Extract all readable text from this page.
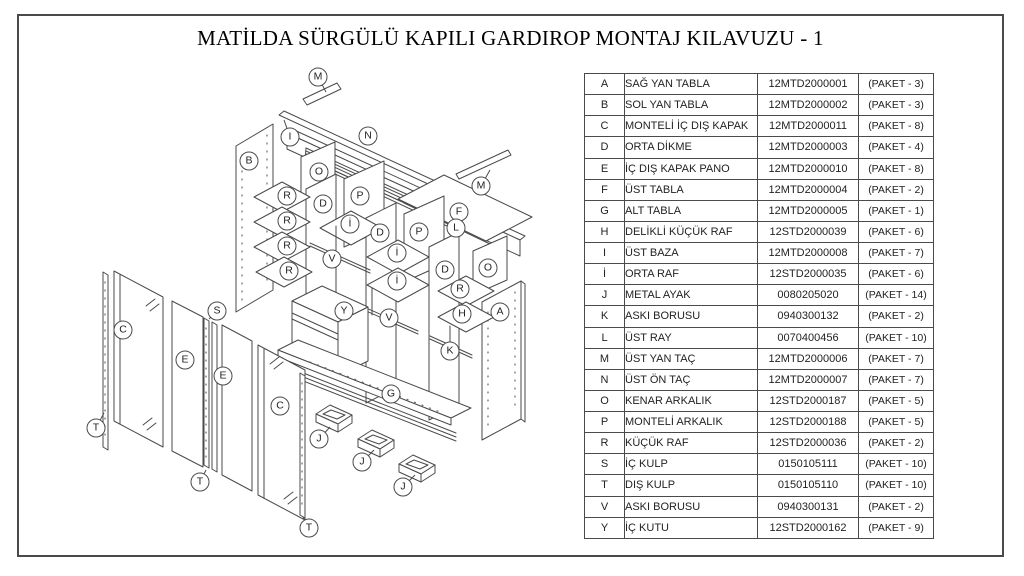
MATİLDA SÜRGÜLÜ KAPILI GARDIROP MONTAJ KILAVUZU - 1
M
I	N
B
O
M
R	P
D
F
R	İ	L
P
D
R
İ
V
O
D
R
İ
R
S	Y	H	A
V
C
K
E
E
G
C
T
J
J
T	J
T
A	SAĞ YAN TABLA	12MTD2000001	(PAKET - 3)
B	SOL YAN TABLA	12MTD2000002	(PAKET - 3)
C	MONTELİ İÇ DIŞ KAPAK	12MTD2000011	(PAKET - 8)
D	ORTA DİKME	12MTD2000003	(PAKET - 4)
E	İÇ DIŞ KAPAK PANO	12MTD2000010	(PAKET - 8)
F	ÜST TABLA	12MTD2000004	(PAKET - 2)
G	ALT TABLA	12MTD2000005	(PAKET - 1)
H	DELİKLİ KÜÇÜK RAF	12STD2000039	(PAKET - 6)
I	ÜST BAZA	12MTD2000008	(PAKET - 7)
İ	ORTA RAF	12STD2000035	(PAKET - 6)
J	METAL AYAK	0080205020	(PAKET - 14)
K	ASKI BORUSU	0940300132	(PAKET - 2)
L	ÜST RAY	0070400456	(PAKET - 10)
M	ÜST YAN TAÇ	12MTD2000006	(PAKET - 7)
N	ÜST ÖN TAÇ	12MTD2000007	(PAKET - 7)
O	KENAR ARKALIK	12STD2000187	(PAKET - 5)
P	MONTELİ ARKALIK	12STD2000188	(PAKET - 5)
R	KÜÇÜK RAF	12STD2000036	(PAKET - 2)
S	İÇ KULP	0150105111	(PAKET - 10)
T	DIŞ KULP	0150105110	(PAKET - 10)
V	ASKI BORUSU	0940300131	(PAKET - 2)
Y	İÇ KUTU	12STD2000162	(PAKET - 9)
